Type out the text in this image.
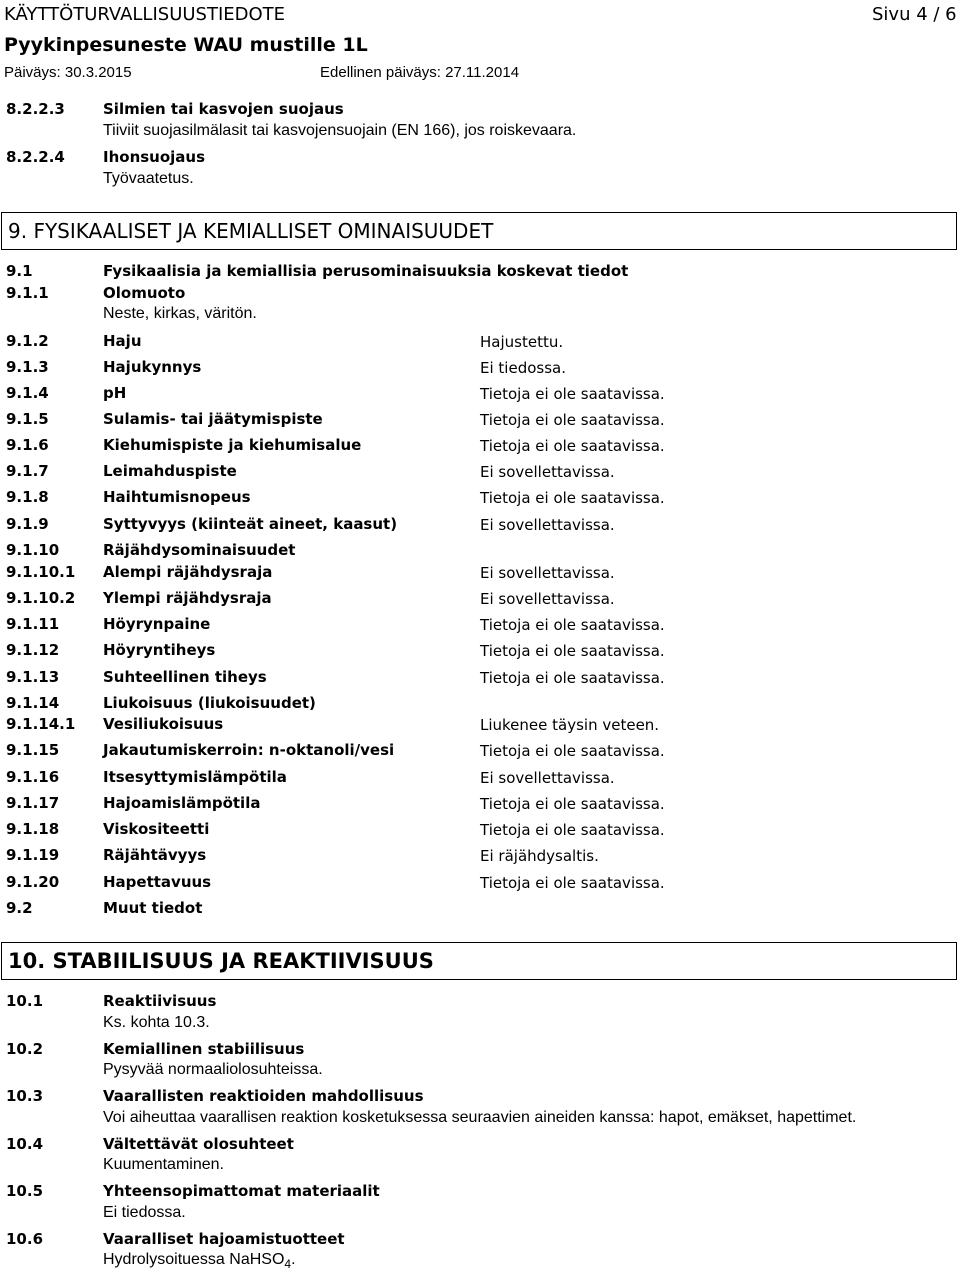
KÄYTTÖTURVALLISUUSTIEDOTE	Sivu 4 / 6
Pyykinpesuneste WAU mustille 1L
Päiväys: 30.3.2015	Edellinen päiväys: 27.11.2014
8.2.2.3	Silmien tai kasvojen suojaus
Tiiviit suojasilmälasit tai kasvojensuojain (EN 166), jos roiskevaara.
8.2.2.4	Ihonsuojaus
Työvaatetus.
9. FYSIKAALISET JA KEMIALLISET OMINAISUUDET
9.1	Fysikaalisia ja kemiallisia perusominaisuuksia koskevat tiedot
9.1.1	Olomuoto
Neste, kirkas, väritön.
9.1.2	Haju	Hajustettu.
9.1.3	Hajukynnys	Ei tiedossa.
9.1.4	pH	Tietoja ei ole saatavissa.
9.1.5	Sulamis- tai jäätymispiste	Tietoja ei ole saatavissa.
9.1.6	Kiehumispiste ja kiehumisalue	Tietoja ei ole saatavissa.
9.1.7	Leimahduspiste	Ei sovellettavissa.
9.1.8	Haihtumisnopeus	Tietoja ei ole saatavissa.
9.1.9	Syttyvyys (kiinteät aineet, kaasut)	Ei sovellettavissa.
9.1.10	Räjähdysominaisuudet
9.1.10.1 Alempi räjähdysraja	Ei sovellettavissa.
9.1.10.2 Ylempi räjähdysraja	Ei sovellettavissa.
9.1.11	Höyrynpaine	Tietoja ei ole saatavissa.
9.1.12	Höyryntiheys	Tietoja ei ole saatavissa.
9.1.13	Suhteellinen tiheys	Tietoja ei ole saatavissa.
9.1.14	Liukoisuus (liukoisuudet)
9.1.14.1 Vesiliukoisuus	Liukenee täysin veteen.
9.1.15	Jakautumiskerroin: n-oktanoli/vesi	Tietoja ei ole saatavissa.
9.1.16	Itsesyttymislämpötila	Ei sovellettavissa.
9.1.17	Hajoamislämpötila	Tietoja ei ole saatavissa.
9.1.18	Viskositeetti	Tietoja ei ole saatavissa.
9.1.19	Räjähtävyys	Ei räjähdysaltis.
9.1.20	Hapettavuus	Tietoja ei ole saatavissa.
9.2	Muut tiedot
10. STABIILISUUS JA REAKTIIVISUUS
10.1	Reaktiivisuus
Ks. kohta 10.3.
10.2	Kemiallinen stabiilisuus
Pysyvää normaaliolosuhteissa.
10.3	Vaarallisten reaktioiden mahdollisuus
Voi aiheuttaa vaarallisen reaktion kosketuksessa seuraavien aineiden kanssa: hapot, emäkset, hapettimet.
10.4	Vältettävät olosuhteet
Kuumentaminen.
10.5	Yhteensopimattomat materiaalit
Ei tiedossa.
10.6	Vaaralliset hajoamistuotteet
Hydrolysoituessa NaHSO$_4$.
